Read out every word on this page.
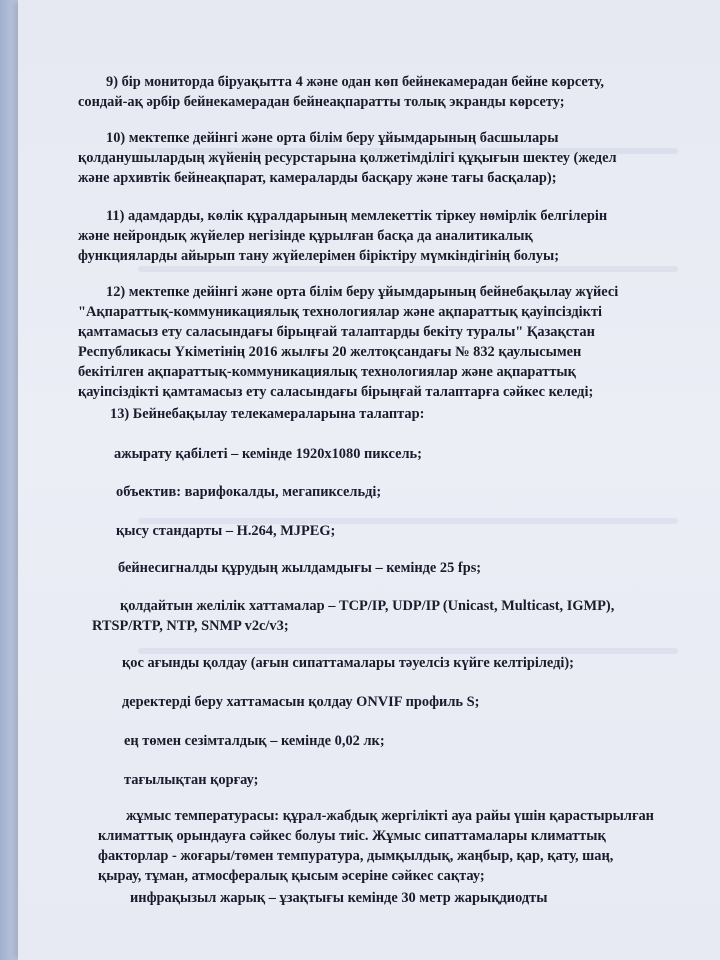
9) бір мониторда біруақытта 4 және одан көп бейнекамерадан бейне көрсету,
сондай-ақ әрбір бейнекамерадан бейнеақпаратты толық экранды көрсету;
10) мектепке дейінгі және орта білім беру ұйымдарының басшылары
қолданушылардың жүйенің ресурстарына қолжетімділігі құқығын шектеу (жедел
және архивтік бейнеақпарат, камераларды басқару және тағы басқалар);
11) адамдарды, көлік құралдарының мемлекеттік тіркеу нөмірлік белгілерін
және нейрондық жүйелер негізінде құрылған басқа да аналитикалық
функцияларды айырып тану жүйелерімен біріктіру мүмкіндігінің болуы;
12) мектепке дейінгі және орта білім беру ұйымдарының бейнебақылау жүйесі
"Ақпараттық-коммуникациялық технологиялар және ақпараттық қауіпсіздікті
қамтамасыз ету саласындағы бірыңғай талаптарды бекіту туралы" Қазақстан
Республикасы Үкіметінің 2016 жылғы 20 желтоқсандағы № 832 қаулысымен
бекітілген ақпараттық-коммуникациялық технологиялар және ақпараттық
қауіпсіздікті қамтамасыз ету саласындағы бірыңғай талаптарға сәйкес келеді;
13) Бейнебақылау телекамераларына талаптар:
ажырату қабілеті – кемінде 1920x1080 пиксель;
объектив: варифокалды, мегапиксельді;
қысу стандарты – H.264, MJPEG;
бейнесигналды құрудың жылдамдығы – кемінде 25 fps;
қолдайтын желілік хаттамалар – TCP/IP, UDP/IP (Unicast, Multicast, IGMP),
RTSP/RTP, NTP, SNMP v2c/v3;
қос ағынды қолдау (ағын сипаттамалары тәуелсіз күйге келтіріледі);
деректерді беру хаттамасын қолдау ONVIF профиль S;
ең төмен сезімталдық – кемінде 0,02 лк;
тағылықтан қорғау;
жұмыс температурасы: құрал-жабдық жергілікті ауа райы үшін қарастырылған
климаттық орындауға сәйкес болуы тиіс. Жұмыс сипаттамалары климаттық
факторлар - жоғары/төмен темпуратура, дымқылдық, жаңбыр, қар, қату, шаң,
қырау, тұман, атмосфералық қысым әсеріне сәйкес сақтау;
инфрақызыл жарық – ұзақтығы кемінде 30 метр жарықдиодты
